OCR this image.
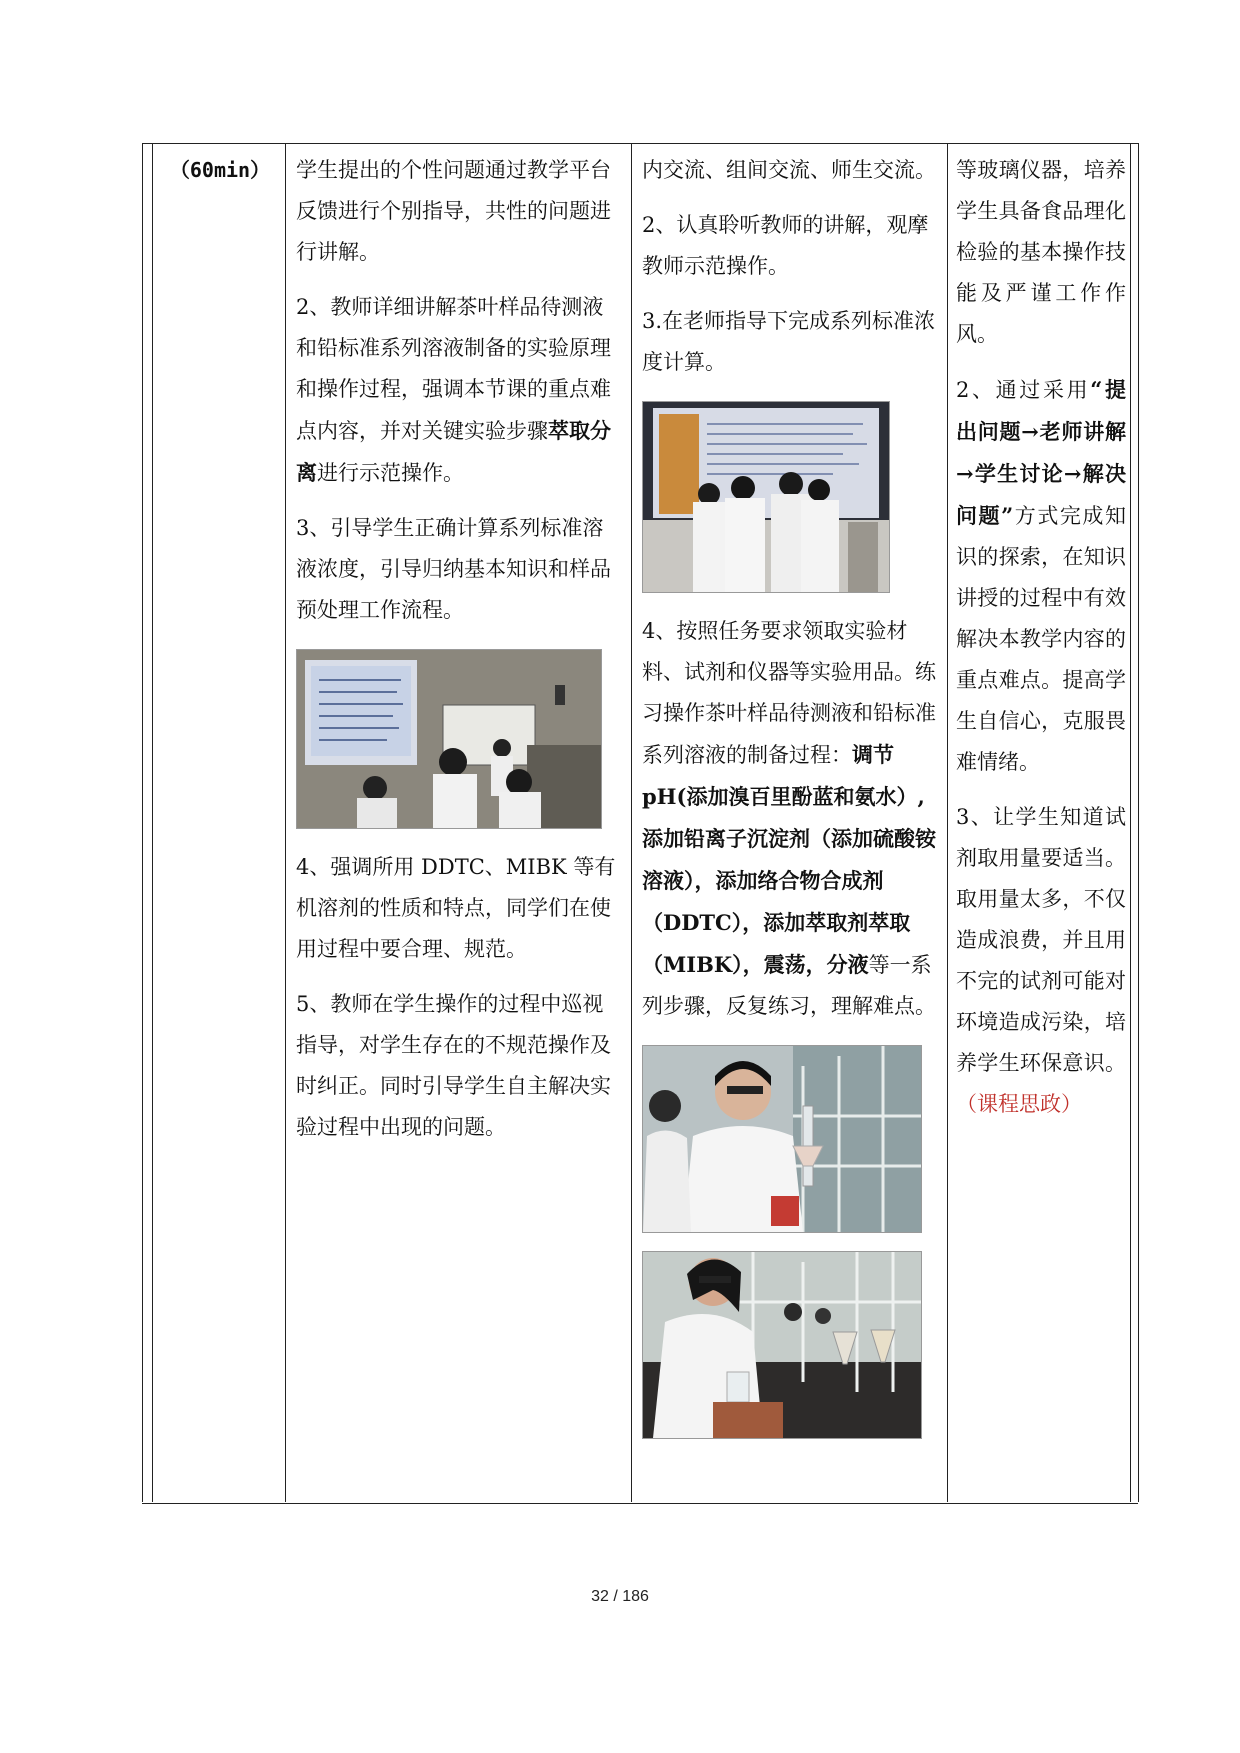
（60min）	学生提出的个性问题通过教学平台反馈进行个别指导，共性的问题进行讲解。

2、教师详细讲解茶叶样品待测液和铅标准系列溶液制备的实验原理和操作过程，强调本节课的重点难点内容，并对关键实验步骤萃取分离进行示范操作。

3、引导学生正确计算系列标准溶液浓度，引导归纳基本知识和样品预处理工作流程。

4、强调所用 DDTC、MIBK 等有机溶剂的性质和特点，同学们在使用过程中要合理、规范。

5、教师在学生操作的过程中巡视指导，对学生存在的不规范操作及时纠正。同时引导学生自主解决实验过程中出现的问题。

内交流、组间交流、师生交流。

2、认真聆听教师的讲解，观摩教师示范操作。

3.在老师指导下完成系列标准浓度计算。

4、按照任务要求领取实验材料、试剂和仪器等实验用品。练习操作茶叶样品待测液和铅标准系列溶液的制备过程：调节 pH(添加溴百里酚蓝和氨水）,添加铅离子沉淀剂（添加硫酸铵溶液），添加络合物合成剂（DDTC），添加萃取剂萃取（MIBK），震荡，分液等一系列步骤，反复练习，理解难点。

等玻璃仪器，培养学生具备食品理化检验的基本操作技能及严谨工作作风。

2、通过采用“提出问题→老师讲解→学生讨论→解决问题”方式完成知识的探索，在知识讲授的过程中有效解决本教学内容的重点难点。提高学生自信心，克服畏难情绪。

3、让学生知道试剂取用量要适当。取用量太多，不仅造成浪费，并且用不完的试剂可能对环境造成污染，培养学生环保意识。（课程思政）

32 / 186
